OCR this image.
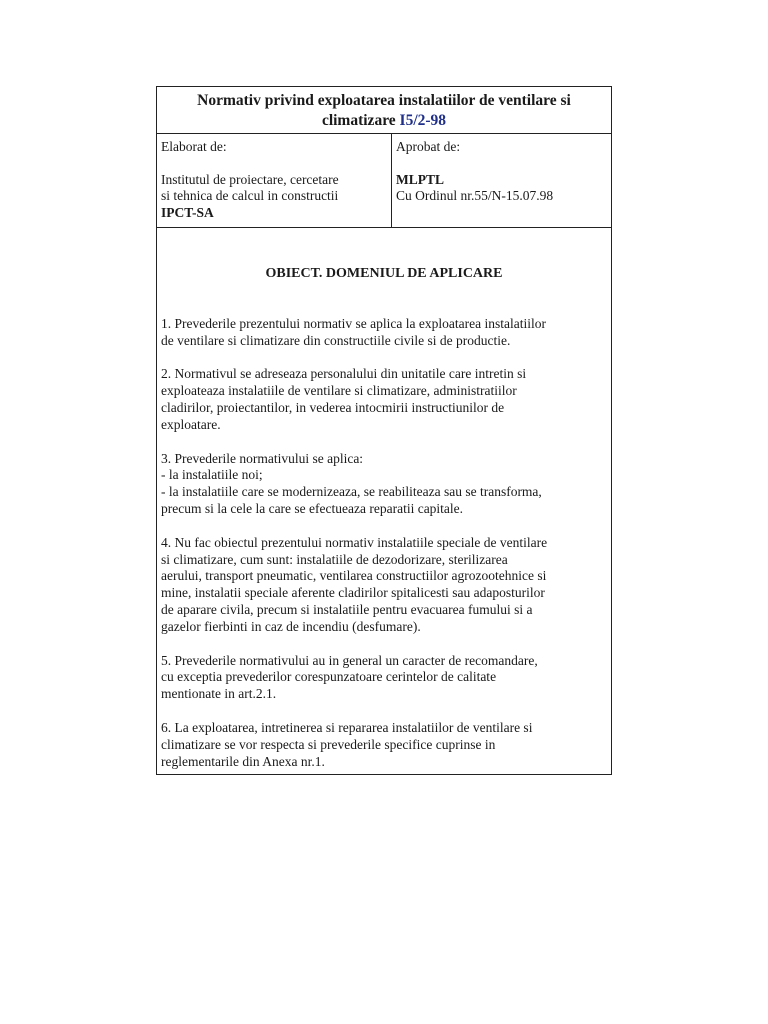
Normativ privind exploatarea instalatiilor de ventilare si
climatizare I5/2-98
Elaborat de:
Institutul de proiectare, cercetare
si tehnica de calcul in constructii
IPCT-SA
Aprobat de:
MLPTL
Cu Ordinul nr.55/N-15.07.98
OBIECT. DOMENIUL DE APLICARE
1. Prevederile prezentului normativ se aplica la exploatarea instalatiilor
de ventilare si climatizare din constructiile civile si de productie.
2. Normativul se adreseaza personalului din unitatile care intretin si
exploateaza instalatiile de ventilare si climatizare, administratiilor
cladirilor, proiectantilor, in vederea intocmirii instructiunilor de
exploatare.
3. Prevederile normativului se aplica:
- la instalatiile noi;
- la instalatiile care se modernizeaza, se reabiliteaza sau se transforma,
precum si la cele la care se efectueaza reparatii capitale.
4. Nu fac obiectul prezentului normativ instalatiile speciale de ventilare
si climatizare, cum sunt: instalatiile de dezodorizare, sterilizarea
aerului, transport pneumatic, ventilarea constructiilor agrozootehnice si
mine, instalatii speciale aferente cladirilor spitalicesti sau adaposturilor
de aparare civila, precum si instalatiile pentru evacuarea fumului si a
gazelor fierbinti in caz de incendiu (desfumare).
5. Prevederile normativului au in general un caracter de recomandare,
cu exceptia prevederilor corespunzatoare cerintelor de calitate
mentionate in art.2.1.
6. La exploatarea, intretinerea si repararea instalatiilor de ventilare si
climatizare se vor respecta si prevederile specifice cuprinse in
reglementarile din Anexa nr.1.
